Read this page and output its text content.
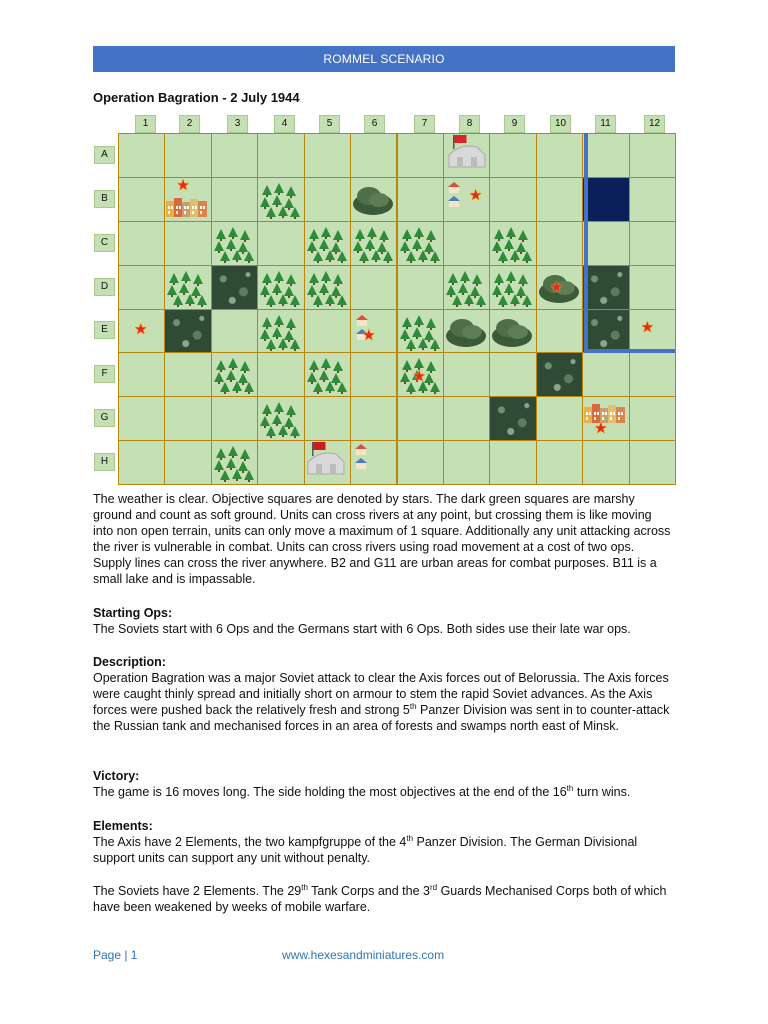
ROMMEL SCENARIO
Operation Bagration - 2 July 1944
1	2	3	4	5	6	7	8	9	10	11	12
A
B
C
D
E
F
G
H
★
★
★	★
★
★
★
★

The weather is clear. Objective squares are denoted by stars. The dark green squares are marshy ground and count as soft ground. Units can cross rivers at any point, but crossing them is like moving into non open terrain, units can only move a maximum of 1 square. Additionally any unit attacking across the river is vulnerable in combat. Units can cross rivers using road movement at a cost of two ops. Supply lines can cross the river anywhere. B2 and G11 are urban areas for combat purposes. B11 is a small lake and is impassable.

Starting Ops:

The Soviets start with 6 Ops and the Germans start with 6 Ops. Both sides use their late war ops.

Description:

Operation Bagration was a major Soviet attack to clear the Axis forces out of Belorussia. The Axis forces were caught thinly spread and initially short on armour to stem the rapid Soviet advances. As the Axis forces were pushed back the relatively fresh and strong 5th Panzer Division was sent in to counter-attack the Russian tank and mechanised forces in an area of forests and swamps north east of Minsk.

Victory:

The game is 16 moves long. The side holding the most objectives at the end of the 16th turn wins.

Elements:

The Axis have 2 Elements, the two kampfgruppe of the 4th Panzer Division. The German Divisional support units can support any unit without penalty.

The Soviets have 2 Elements. The 29th Tank Corps and the 3rd Guards Mechanised Corps both of which have been weakened by weeks of mobile warfare.

Page | 1	www.hexesandminiatures.com
